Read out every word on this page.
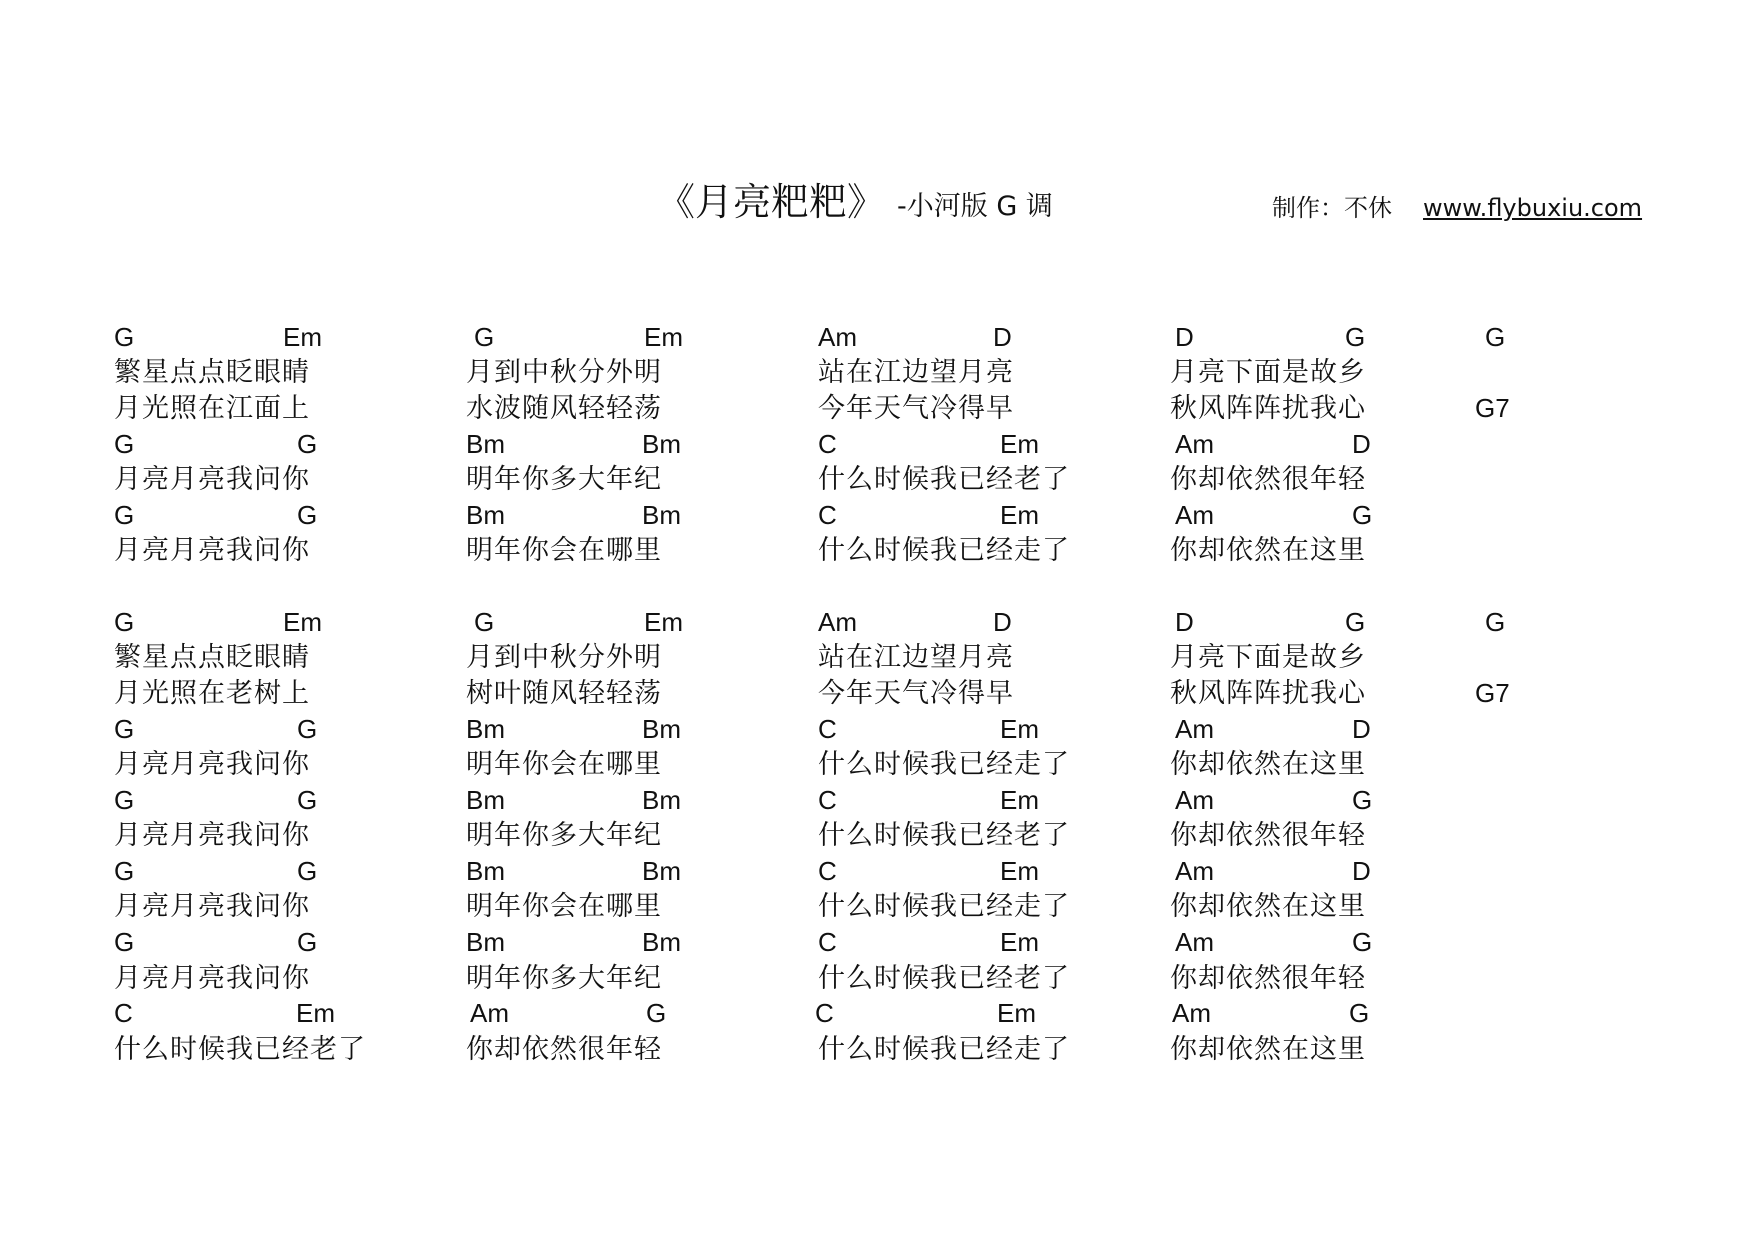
《月亮粑粑》 -小河版 G 调	制作：不休 www.flybuxiu.com
G	Em	G	Em	Am	D	D	G	G
繁星点点眨眼睛	月到中秋分外明	站在江边望月亮	月亮下面是故乡
月光照在江面上	水波随风轻轻荡	今年天气冷得早	秋风阵阵扰我心	G7
G	G	Bm	Bm	C	Em	Am	D
月亮月亮我问你	明年你多大年纪	什么时候我已经老了	你却依然很年轻
G	G	Bm	Bm	C	Em	Am	G
月亮月亮我问你	明年你会在哪里	什么时候我已经走了	你却依然在这里
G	Em	G	Em	Am	D	D	G	G
繁星点点眨眼睛	月到中秋分外明	站在江边望月亮	月亮下面是故乡
月光照在老树上	树叶随风轻轻荡	今年天气冷得早	秋风阵阵扰我心	G7
G	G	Bm	Bm	C	Em	Am	D
月亮月亮我问你	明年你会在哪里	什么时候我已经走了	你却依然在这里
G	G	Bm	Bm	C	Em	Am	G
月亮月亮我问你	明年你多大年纪	什么时候我已经老了	你却依然很年轻
G	G	Bm	Bm	C	Em	Am	D
月亮月亮我问你	明年你会在哪里	什么时候我已经走了	你却依然在这里
G	G	Bm	Bm	C	Em	Am	G
月亮月亮我问你	明年你多大年纪	什么时候我已经老了	你却依然很年轻
C	Em	Am	G	C	Em	Am	G
什么时候我已经老了	你却依然很年轻	什么时候我已经走了	你却依然在这里
